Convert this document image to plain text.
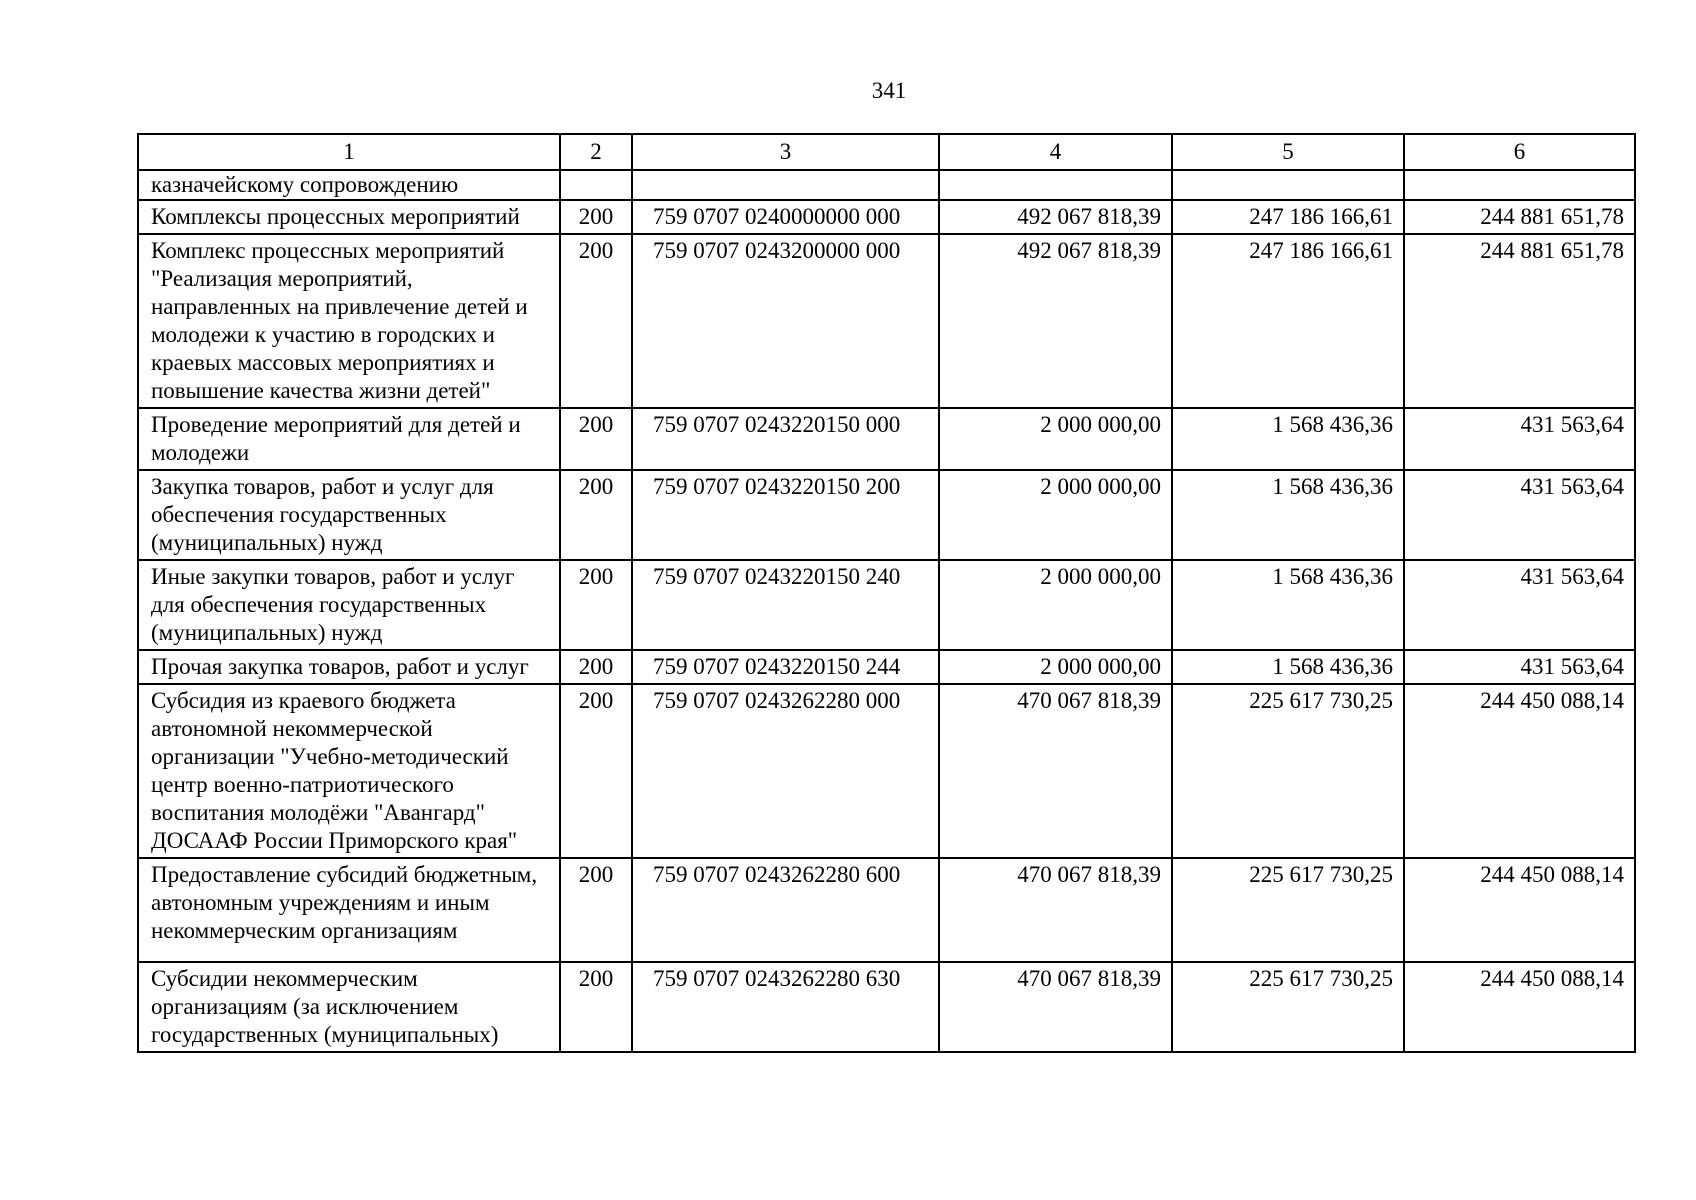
341
1	2	3	4	5	6
казначейскому сопровождению					
Комплексы процессных мероприятий	200	759 0707 0240000000 000	492 067 818,39	247 186 166,61	244 881 651,78
Комплекс процессных мероприятий "Реализация мероприятий, направленных на привлечение детей и молодежи к участию в городских и краевых массовых мероприятиях и повышение качества жизни детей"	200	759 0707 0243200000 000	492 067 818,39	247 186 166,61	244 881 651,78
Проведение мероприятий для детей и молодежи	200	759 0707 0243220150 000	2 000 000,00	1 568 436,36	431 563,64
Закупка товаров, работ и услуг для обеспечения государственных (муниципальных) нужд	200	759 0707 0243220150 200	2 000 000,00	1 568 436,36	431 563,64
Иные закупки товаров, работ и услуг для обеспечения государственных (муниципальных) нужд	200	759 0707 0243220150 240	2 000 000,00	1 568 436,36	431 563,64
Прочая закупка товаров, работ и услуг	200	759 0707 0243220150 244	2 000 000,00	1 568 436,36	431 563,64
Субсидия из краевого бюджета автономной некоммерческой организации "Учебно-методический центр военно-патриотического воспитания молодёжи "Авангард" ДОСААФ России Приморского края"	200	759 0707 0243262280 000	470 067 818,39	225 617 730,25	244 450 088,14
Предоставление субсидий бюджетным, автономным учреждениям и иным некоммерческим организациям	200	759 0707 0243262280 600	470 067 818,39	225 617 730,25	244 450 088,14
Субсидии некоммерческим организациям (за исключением государственных (муниципальных)	200	759 0707 0243262280 630	470 067 818,39	225 617 730,25	244 450 088,14
